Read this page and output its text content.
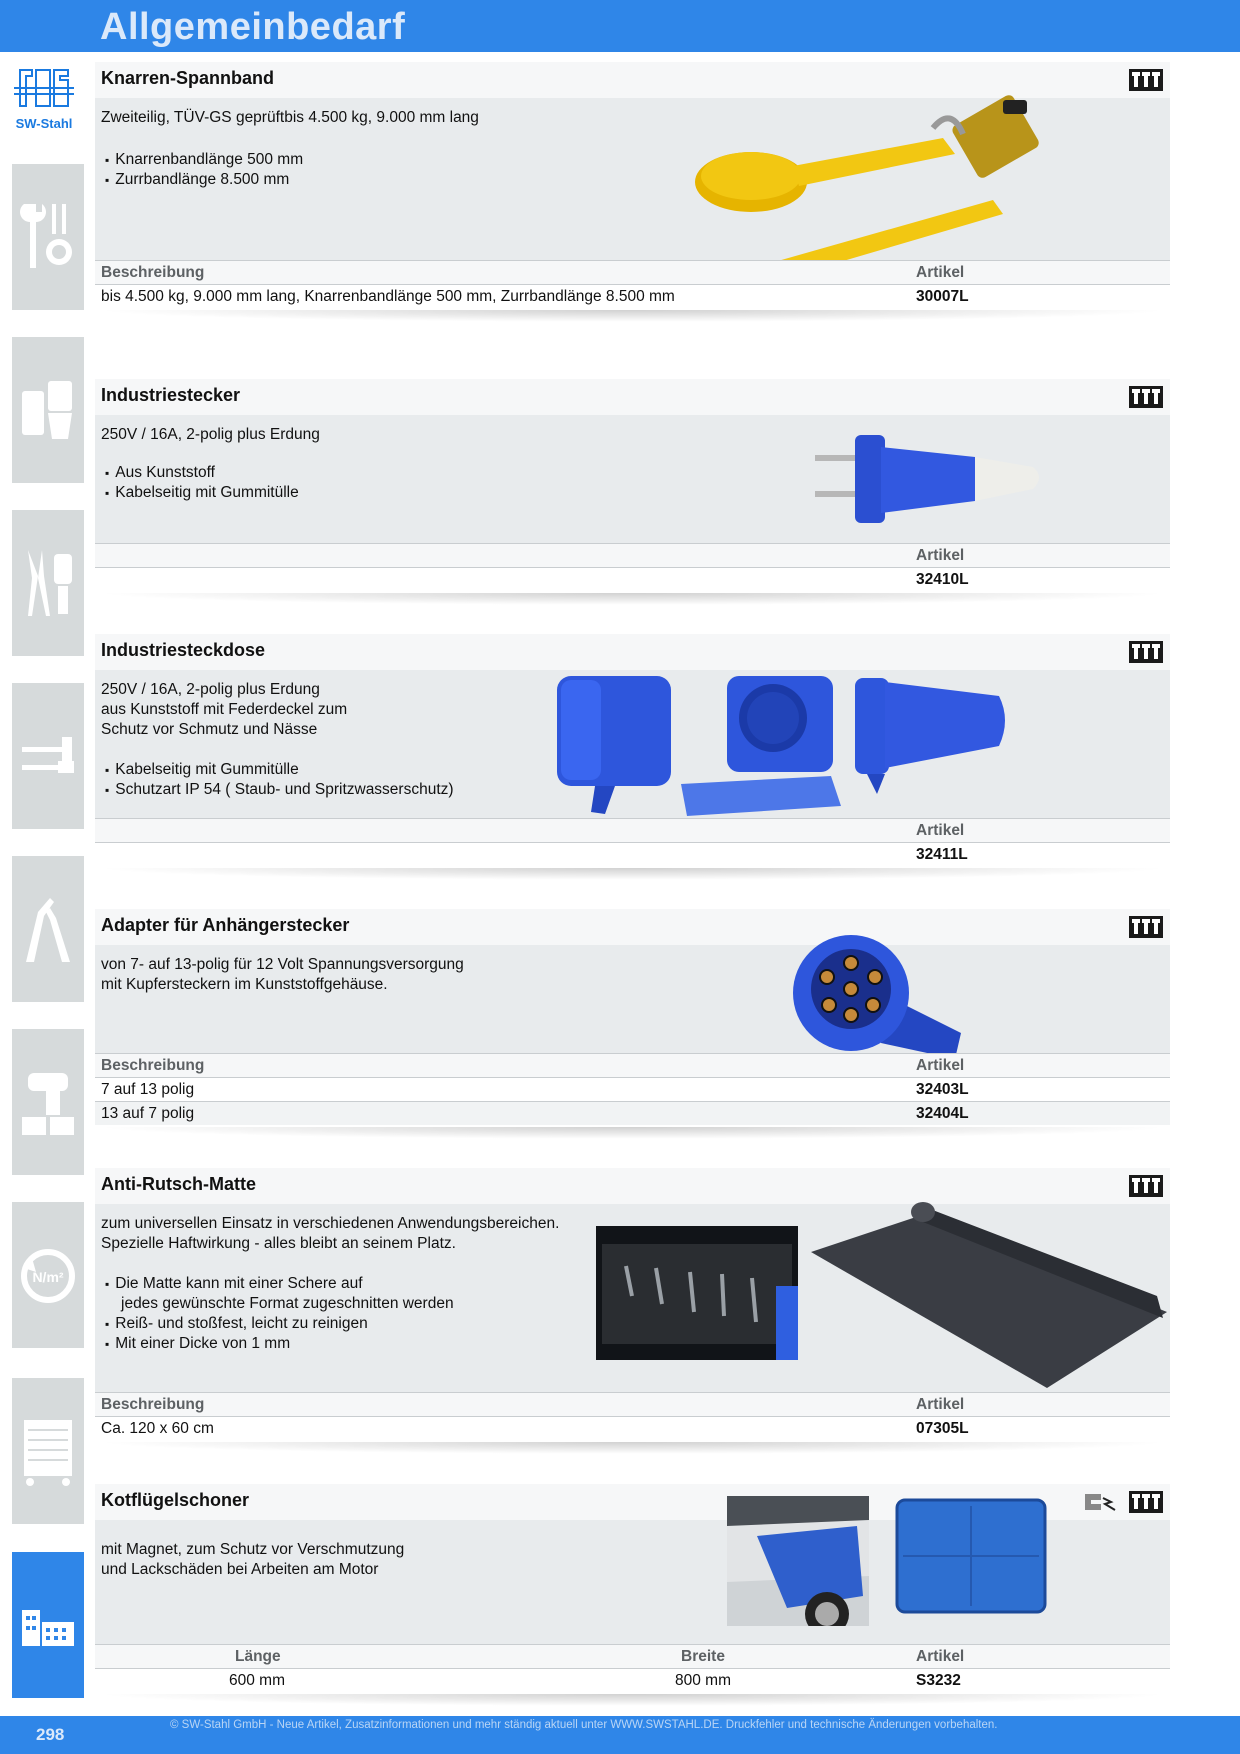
Allgemeinbedarf
SW-Stahl
N/m²
Knarren-Spannband
Zweiteilig, TÜV-GS geprüftbis 4.500 kg, 9.000 mm lang
▪ Knarrenbandlänge 500 mm
▪ Zurrbandlänge 8.500 mm
Beschreibung	Artikel
bis 4.500 kg, 9.000 mm lang, Knarrenbandlänge 500 mm, Zurrbandlänge 8.500 mm	30007L
Industriestecker
250V / 16A, 2-polig plus Erdung
▪ Aus Kunststoff
▪ Kabelseitig mit Gummitülle
Artikel
32410L
Industriesteckdose
250V / 16A, 2-polig plus Erdung
aus Kunststoff mit Federdeckel zum
Schutz vor Schmutz und Nässe
▪ Kabelseitig mit Gummitülle
▪ Schutzart IP 54 ( Staub- und Spritzwasserschutz)
Artikel
32411L
Adapter für Anhängerstecker
von 7- auf 13-polig für 12 Volt Spannungsversorgung
mit Kupfersteckern im Kunststoffgehäuse.
Beschreibung	Artikel
7 auf 13 polig	32403L
13 auf 7 polig	32404L
Anti-Rutsch-Matte
zum universellen Einsatz in verschiedenen Anwendungsbereichen.
Spezielle Haftwirkung - alles bleibt an seinem Platz.
▪ Die Matte kann mit einer Schere auf
jedes gewünschte Format zugeschnitten werden
▪ Reiß- und stoßfest, leicht zu reinigen
▪ Mit einer Dicke von 1 mm
Beschreibung	Artikel
Ca. 120 x 60 cm	07305L
Kotflügelschoner
mit Magnet, zum Schutz vor Verschmutzung
und Lackschäden bei Arbeiten am Motor
Länge	Breite	Artikel
600 mm	800 mm	S3232
298	© SW-Stahl GmbH - Neue Artikel, Zusatzinformationen und mehr ständig aktuell unter WWW.SWSTAHL.DE. Druckfehler und technische Änderungen vorbehalten.
